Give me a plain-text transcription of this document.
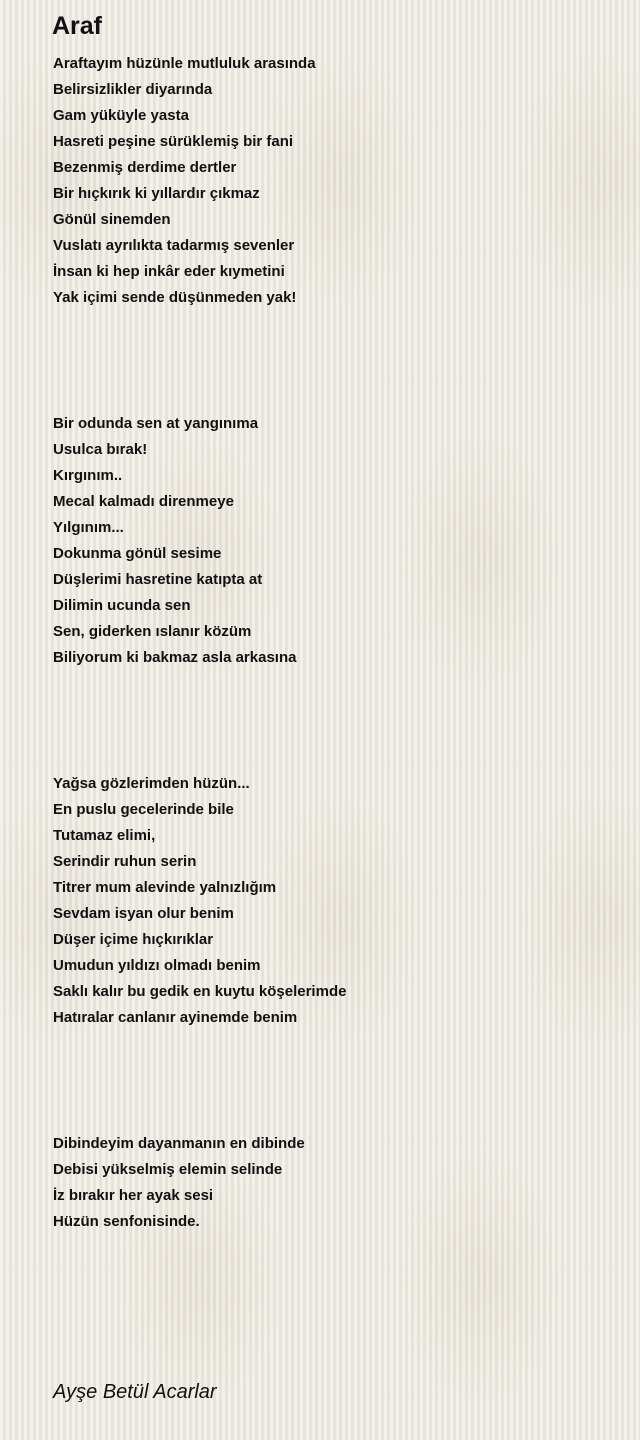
Araf
Araftayım hüzünle mutluluk arasında
Belirsizlikler diyarında
Gam yüküyle yasta
Hasreti peşine sürüklemiş bir fani
Bezenmiş derdime dertler
Bir hıçkırık ki yıllardır çıkmaz
Gönül sinemden
Vuslatı ayrılıkta tadarmış sevenler
İnsan ki hep inkâr eder kıymetini
Yak içimi sende düşünmeden yak!
Bir odunda sen at yangınıma
Usulca bırak!
Kırgınım..
Mecal kalmadı direnmeye
Yılgınım...
Dokunma gönül sesime
Düşlerimi hasretine katıpta at
Dilimin ucunda sen
Sen, giderken ıslanır közüm
Biliyorum ki bakmaz asla arkasına
Yağsa gözlerimden hüzün...
En puslu gecelerinde bile
Tutamaz elimi,
Serindir ruhun serin
Titrer mum alevinde yalnızlığım
Sevdam isyan olur benim
Düşer içime hıçkırıklar
Umudun yıldızı olmadı benim
Saklı kalır bu gedik en kuytu köşelerimde
Hatıralar canlanır ayinemde benim
Dibindeyim dayanmanın en dibinde
Debisi yükselmiş elemin selinde
İz bırakır her ayak sesi
Hüzün senfonisinde.

Ayşe Betül Acarlar
